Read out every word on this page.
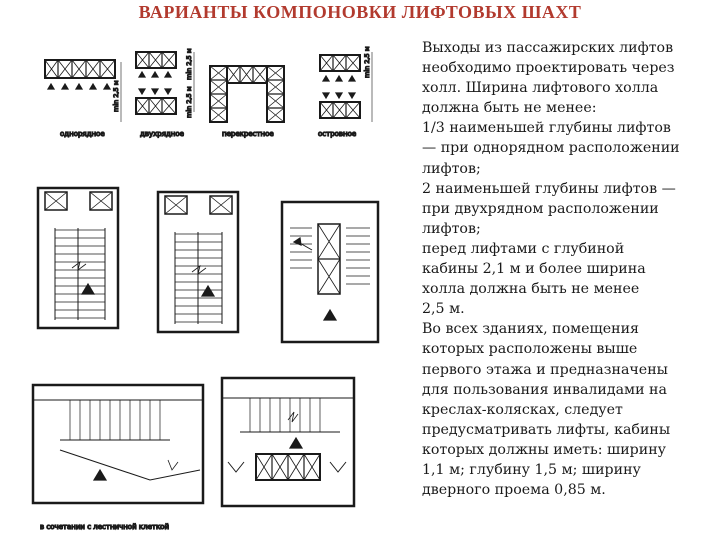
ВАРИАНТЫ КОМПОНОВКИ ЛИФТОВЫХ ШАХТ
min 2,5 м
однорядное	двухрядное
min 2,5 м
min 2,5 м
перекрестное
min 2,5 м
островное
в сочетании с лестничной клеткой
Выходы из пассажирских лифтов
необходимо проектировать через
холл. Ширина лифтового холла
должна быть не менее:
1/3 наименьшей глубины лифтов
— при однорядном расположении
лифтов;
2 наименьшей глубины лифтов —
при двухрядном расположении
лифтов;
перед лифтами с глубиной
кабины 2,1 м и более ширина
холла должна быть не менее
2,5 м.
Во всех зданиях, помещения
которых расположены выше
первого этажа и предназначены
для пользования инвалидами на
креслах-колясках, следует
предусматривать лифты, кабины
которых должны иметь: ширину
1,1 м; глубину 1,5 м; ширину
дверного проема 0,85 м.
